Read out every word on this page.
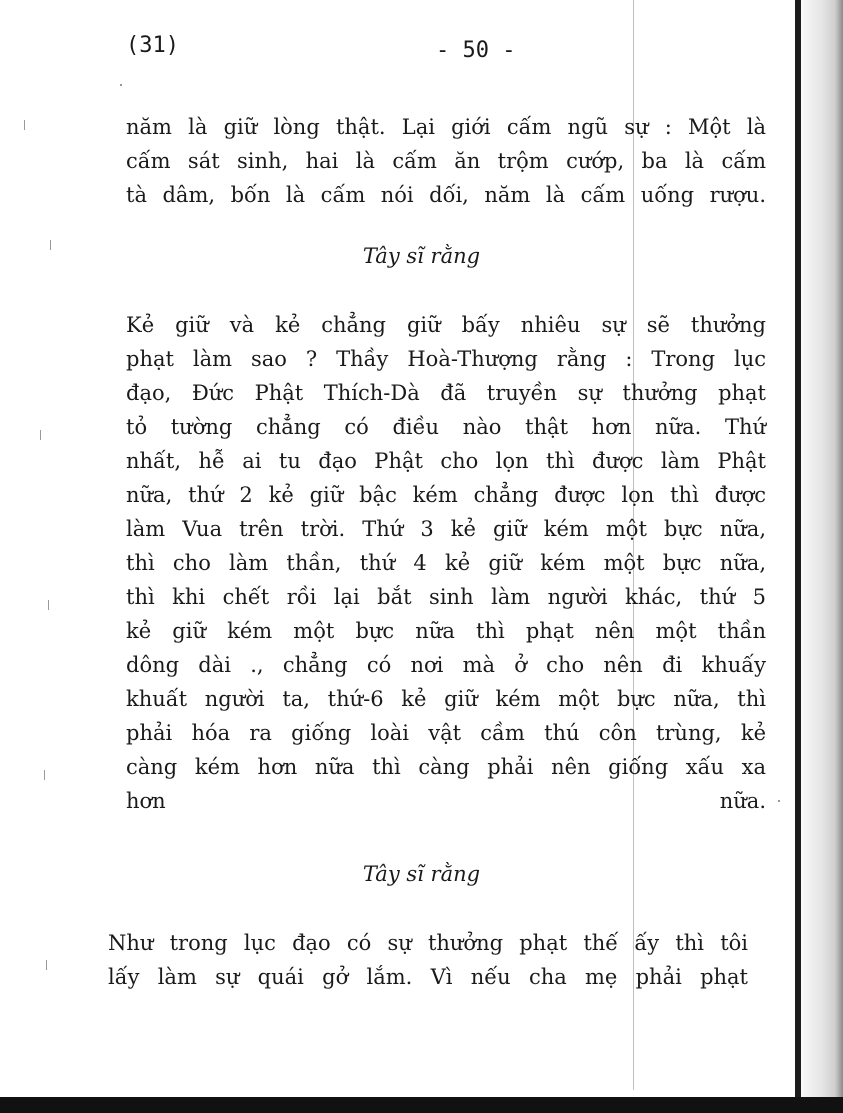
(31)	- 50 -
năm là giữ lòng thật. Lại giới cấm ngũ sự : Một là
cấm sát sinh, hai là cấm ăn trộm cướp, ba là cấm
tà dâm, bốn là cấm nói dối, năm là cấm uống rượu.
Tây sĩ rằng
Kẻ giữ và kẻ chẳng giữ bấy nhiêu sự sẽ thưởng
phạt làm sao ? Thầy Hoà-Thượng rằng : Trong lục
đạo, Đức Phật Thích-Dà đã truyền sự thưởng phạt
tỏ tường chẳng có điều nào thật hơn nữa. Thứ
nhất, hễ ai tu đạo Phật cho lọn thì được làm Phật
nữa, thứ 2 kẻ giữ bậc kém chẳng được lọn thì được
làm Vua trên trời. Thứ 3 kẻ giữ kém một bực nữa,
thì cho làm thần, thứ 4 kẻ giữ kém một bực nữa,
thì khi chết rồi lại bắt sinh làm người khác, thứ 5
kẻ giữ kém một bực nữa thì phạt nên một thần
dông dài ., chẳng có nơi mà ở cho nên đi khuấy
khuất người ta, thứ-6 kẻ giữ kém một bực nữa, thì
phải hóa ra giống loài vật cầm thú côn trùng, kẻ
càng kém hơn nữa thì càng phải nên giống xấu xa
hơn nữa.
Tây sĩ rằng
Như trong lục đạo có sự thưởng phạt thế ấy thì tôi
lấy làm sự quái gở lắm. Vì nếu cha mẹ phải phạt
